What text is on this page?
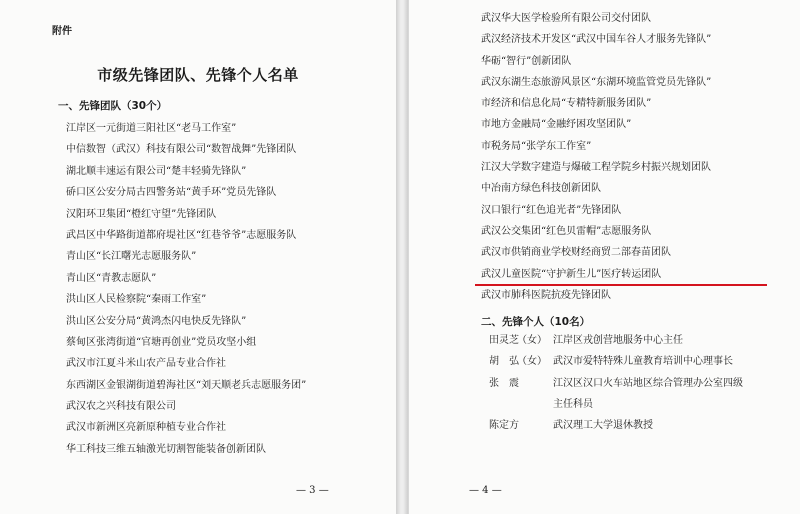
附件
市级先锋团队、先锋个人名单
一、先锋团队（30个）
江岸区一元街道三阳社区“老马工作室”
中信数智（武汉）科技有限公司“数智战舞”先锋团队
湖北顺丰速运有限公司“楚丰轻骑先锋队”
硚口区公安分局古四警务站“黄手环”党员先锋队
汉阳环卫集团“橙红守望”先锋团队
武昌区中华路街道都府堤社区“红巷爷爷”志愿服务队
青山区“长江曙光志愿服务队”
青山区“青教志愿队”
洪山区人民检察院“秦雨工作室”
洪山区公安分局“黄鸿杰闪电快反先锋队”
蔡甸区张湾街道“官塘再创业”党员攻坚小组
武汉市江夏斗米山农产品专业合作社
东西湖区金银湖街道碧海社区“刘天顺老兵志愿服务团”
武汉农之兴科技有限公司
武汉市新洲区亮新原种植专业合作社
华工科技三维五轴激光切割智能装备创新团队
— 3 —
武汉华大医学检验所有限公司交付团队
武汉经济技术开发区“武汉中国车谷人才服务先锋队”
华砺“智行”创新团队
武汉东湖生态旅游风景区“东湖环境监管党员先锋队”
市经济和信息化局“专精特新服务团队”
市地方金融局“金融纾困攻坚团队”
市税务局“张学东工作室”
江汉大学数字建造与爆破工程学院乡村振兴规划团队
中冶南方绿色科技创新团队
汉口银行“红色追光者”先锋团队
武汉公交集团“红色贝雷帽”志愿服务队
武汉市供销商业学校财经商贸二部春苗团队
武汉儿童医院“守护新生儿”医疗转运团队
武汉市肺科医院抗疫先锋团队
二、先锋个人（10名）
田灵芝
（女） 江岸区戎创营地服务中心主任
胡　弘
（女） 武汉市爱特特殊儿童教育培训中心理事长
张　震	江汉区汉口火车站地区综合管理办公室四级
主任科员
陈定方	武汉理工大学退休教授
— 4 —
